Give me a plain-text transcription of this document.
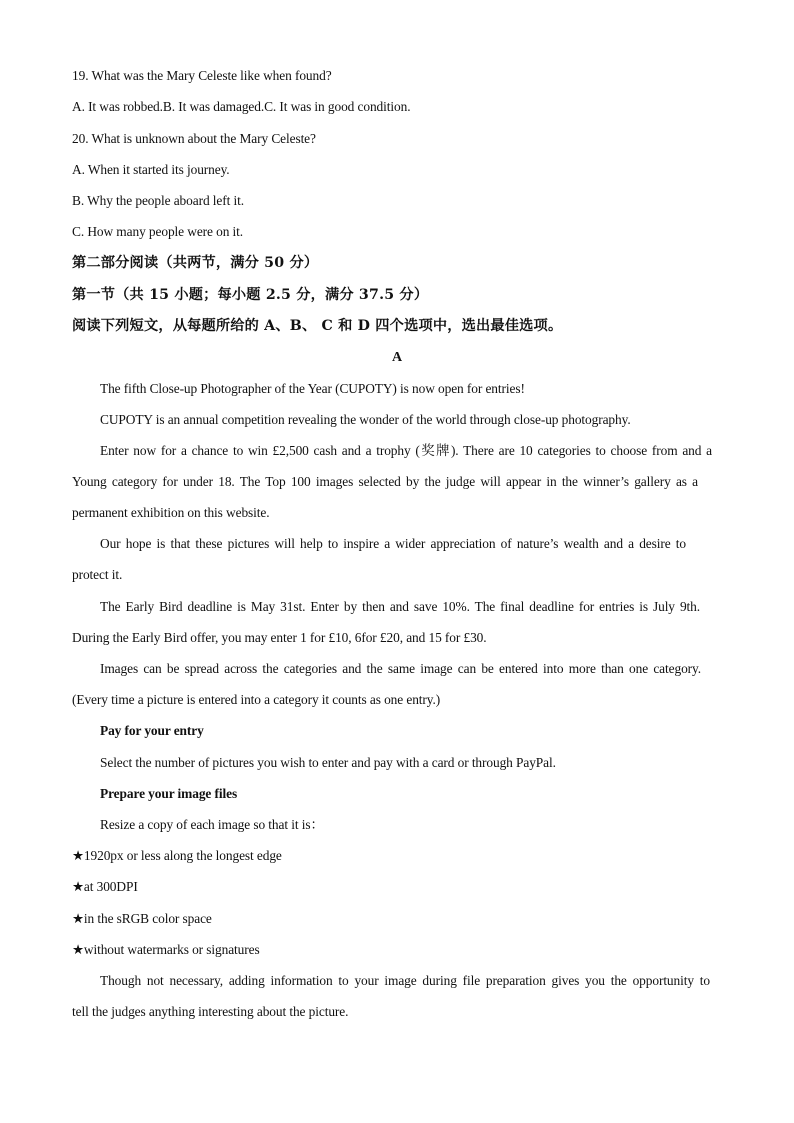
19. What was the Mary Celeste like when found?
A. It was robbed.B. It was damaged.C. It was in good condition.
20. What is unknown about the Mary Celeste?
A. When it started its journey.
B. Why the people aboard left it.
C. How many people were on it.
第二部分阅读（共两节，满分 50 分）
第一节（共 15 小题；每小题 2.5 分，满分 37.5 分）
阅读下列短文，从每题所给的 A、B、 C 和 D 四个选项中，选出最佳选项。
A
The fifth Close-up Photographer of the Year (CUPOTY) is now open for entries!
CUPOTY is an annual competition revealing the wonder of the world through close-up photography.
Enter now for a chance to win £2,500 cash and a trophy (奖牌). There are 10 categories to choose from and a
Young category for under 18. The Top 100 images selected by the judge will appear in the winner’s gallery as a
permanent exhibition on this website.
Our hope is that these pictures will help to inspire a wider appreciation of nature’s wealth and a desire to
protect it.
The Early Bird deadline is May 31st. Enter by then and save 10%. The final deadline for entries is July 9th.
During the Early Bird offer, you may enter 1 for £10, 6for £20, and 15 for £30.
Images can be spread across the categories and the same image can be entered into more than one category.
(Every time a picture is entered into a category it counts as one entry.)
Pay for your entry
Select the number of pictures you wish to enter and pay with a card or through PayPal.
Prepare your image files
Resize a copy of each image so that it is：
★1920px or less along the longest edge
★at 300DPI
★in the sRGB color space
★without watermarks or signatures
Though not necessary, adding information to your image during file preparation gives you the opportunity to
tell the judges anything interesting about the picture.
